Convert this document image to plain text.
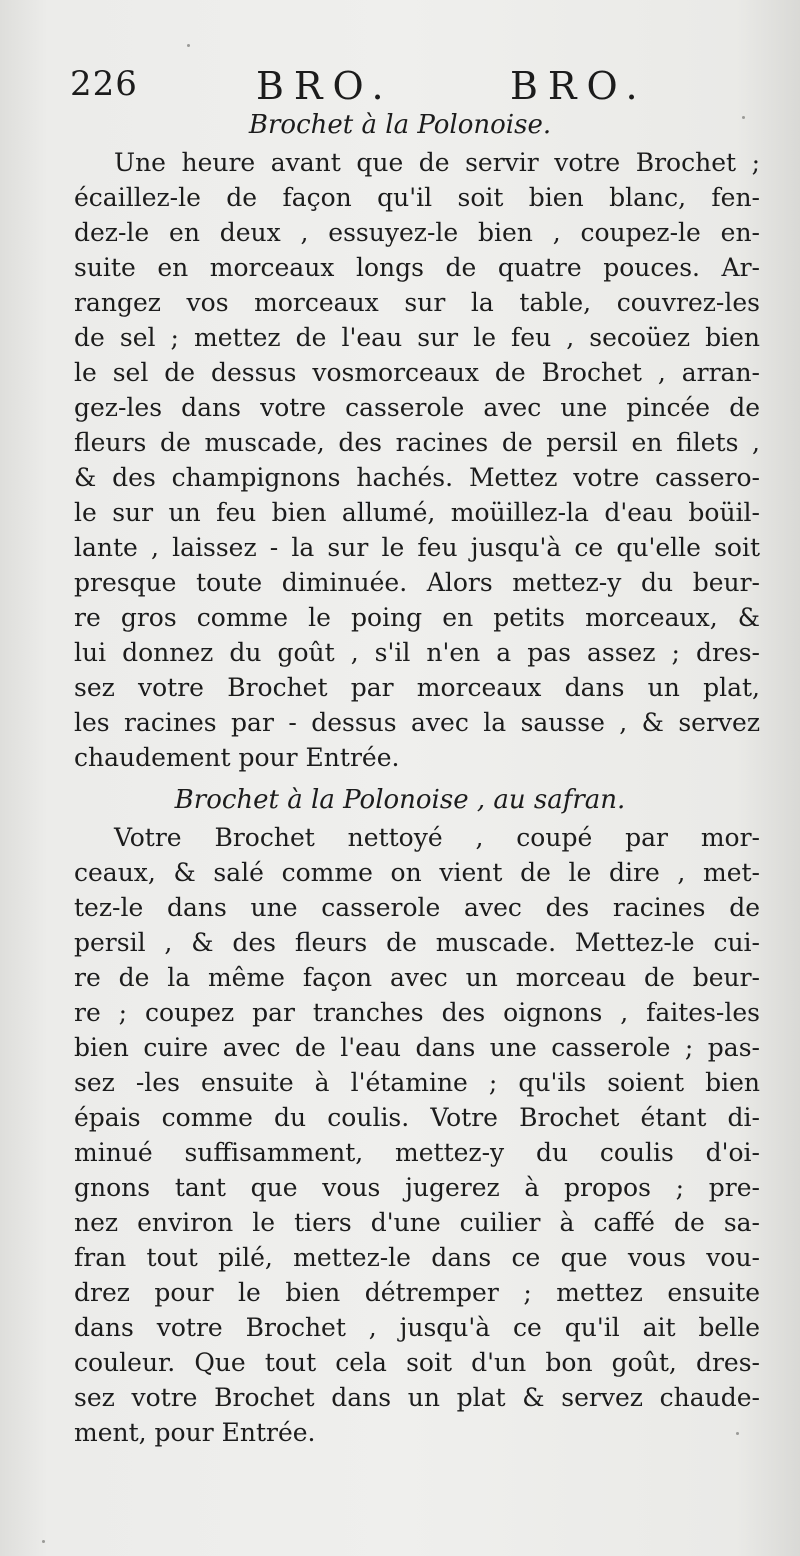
226	BRO.	BRO.
Brochet à la Polonoise.
Une heure avant que de servir votre Brochet ;
écaillez-le de façon qu'il soit bien blanc, fen-
dez-le en deux , essuyez-le bien , coupez-le en-
suite en morceaux longs de quatre pouces. Ar-
rangez vos morceaux sur la table, couvrez-les
de sel ; mettez de l'eau sur le feu , secoüez bien
le sel de dessus vosmorceaux de Brochet , arran-
gez-les dans votre casserole avec une pincée de
fleurs de muscade, des racines de persil en filets ,
& des champignons hachés. Mettez votre cassero-
le sur un feu bien allumé, moüillez-la d'eau boüil-
lante , laissez - la sur le feu jusqu'à ce qu'elle soit
presque toute diminuée. Alors mettez-y du beur-
re gros comme le poing en petits morceaux, &
lui donnez du goût , s'il n'en a pas assez ; dres-
sez votre Brochet par morceaux dans un plat,
les racines par - dessus avec la sausse , & servez
chaudement pour Entrée.
Brochet à la Polonoise , au safran.
Votre Brochet nettoyé , coupé par mor-
ceaux, & salé comme on vient de le dire , met-
tez-le dans une casserole avec des racines de
persil , & des fleurs de muscade. Mettez-le cui-
re de la même façon avec un morceau de beur-
re ; coupez par tranches des oignons , faites-les
bien cuire avec de l'eau dans une casserole ; pas-
sez -les ensuite à l'étamine ; qu'ils soient bien
épais comme du coulis. Votre Brochet étant di-
minué suffisamment, mettez-y du coulis d'oi-
gnons tant que vous jugerez à propos ; pre-
nez environ le tiers d'une cuilier à caffé de sa-
fran tout pilé, mettez-le dans ce que vous vou-
drez pour le bien détremper ; mettez ensuite
dans votre Brochet , jusqu'à ce qu'il ait belle
couleur. Que tout cela soit d'un bon goût, dres-
sez votre Brochet dans un plat & servez chaude-
ment, pour Entrée.
